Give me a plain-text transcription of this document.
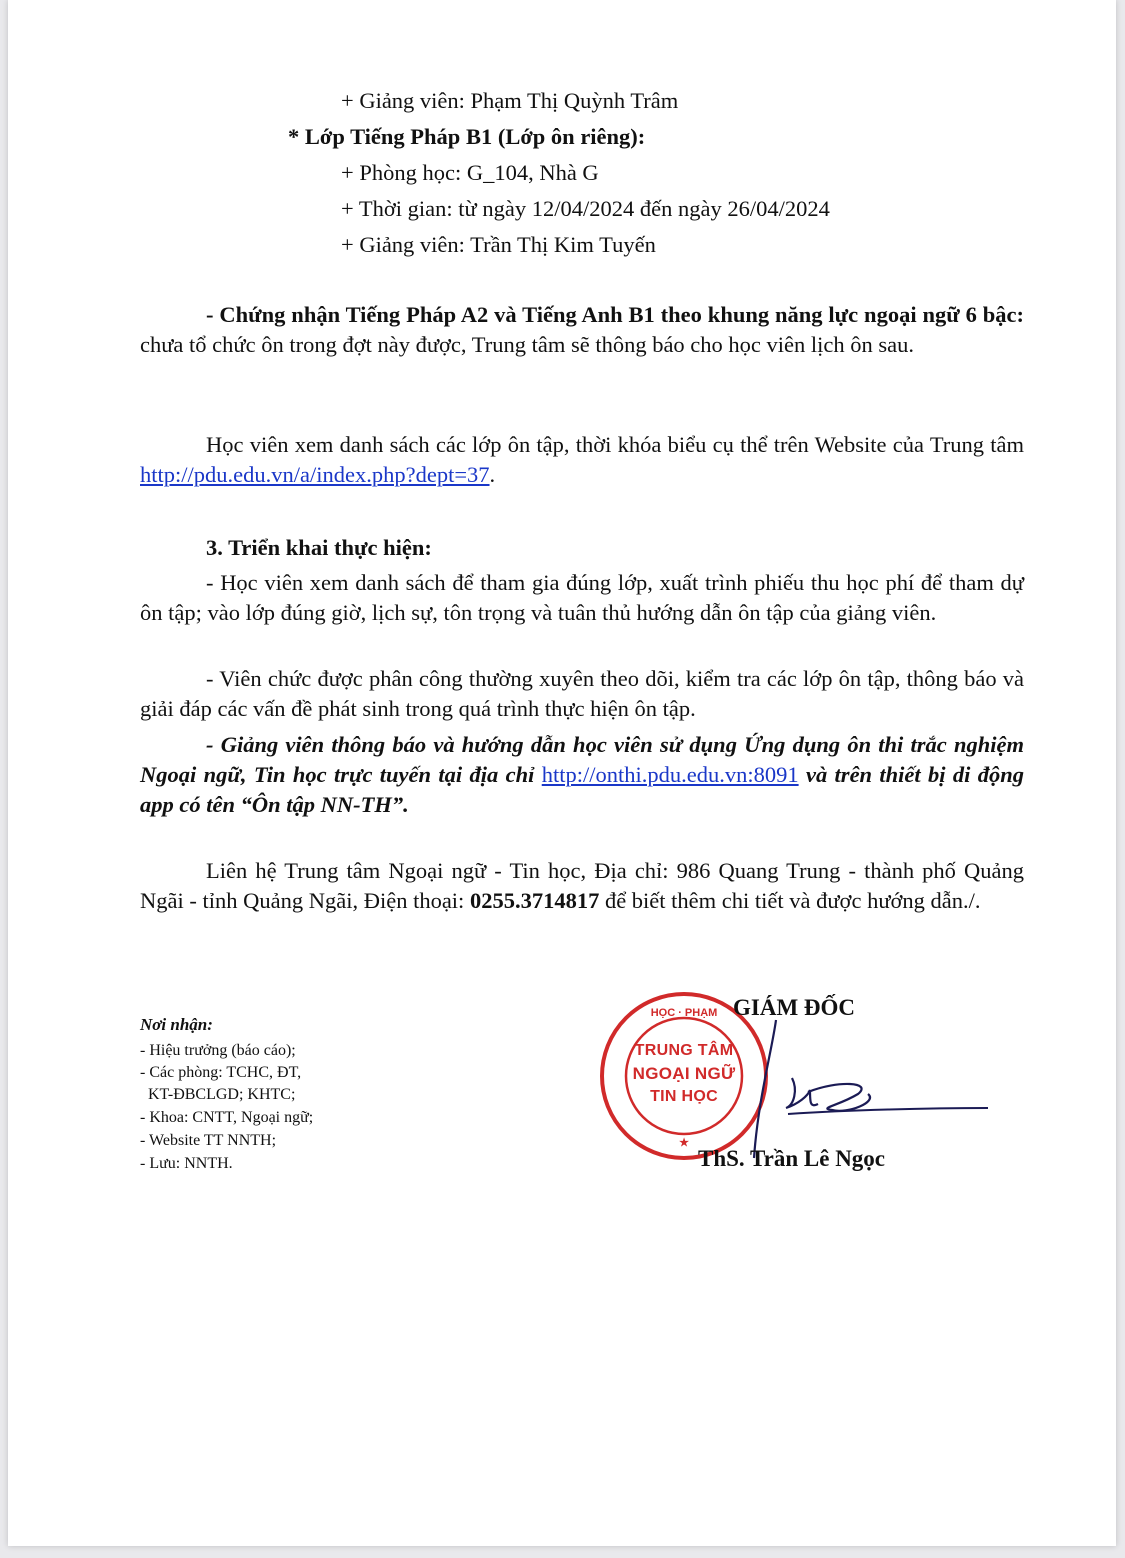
+ Giảng viên: Phạm Thị Quỳnh Trâm
* Lớp Tiếng Pháp B1 (Lớp ôn riêng):
+ Phòng học: G_104, Nhà G
+ Thời gian: từ ngày 12/04/2024 đến ngày 26/04/2024
+ Giảng viên: Trần Thị Kim Tuyến
- Chứng nhận Tiếng Pháp A2 và Tiếng Anh B1 theo khung năng lực ngoại ngữ 6 bậc: chưa tổ chức ôn trong đợt này được, Trung tâm sẽ thông báo cho học viên lịch ôn sau.
Học viên xem danh sách các lớp ôn tập, thời khóa biểu cụ thể trên Website của Trung tâm http://pdu.edu.vn/a/index.php?dept=37.
3. Triển khai thực hiện:
- Học viên xem danh sách để tham gia đúng lớp, xuất trình phiếu thu học phí để tham dự ôn tập; vào lớp đúng giờ, lịch sự, tôn trọng và tuân thủ hướng dẫn ôn tập của giảng viên.
- Viên chức được phân công thường xuyên theo dõi, kiểm tra các lớp ôn tập, thông báo và giải đáp các vấn đề phát sinh trong quá trình thực hiện ôn tập.
- Giảng viên thông báo và hướng dẫn học viên sử dụng Ứng dụng ôn thi trắc nghiệm Ngoại ngữ, Tin học trực tuyến tại địa chỉ http://onthi.pdu.edu.vn:8091 và trên thiết bị di động app có tên “Ôn tập NN-TH”.
Liên hệ Trung tâm Ngoại ngữ - Tin học, Địa chỉ: 986 Quang Trung - thành phố Quảng Ngãi - tỉnh Quảng Ngãi, Điện thoại: 0255.3714817 để biết thêm chi tiết và được hướng dẫn./.
Nơi nhận:
- Hiệu trưởng (báo cáo);
- Các phòng: TCHC, ĐT,
KT-ĐBCLGD; KHTC;
- Khoa: CNTT, Ngoại ngữ;
- Website TT NNTH;
- Lưu: NNTH.
HỌC · PHẠM
★
TRUNG TÂM
NGOẠI NGỮ
TIN HỌC
GIÁM ĐỐC
ThS. Trần Lê Ngọc
